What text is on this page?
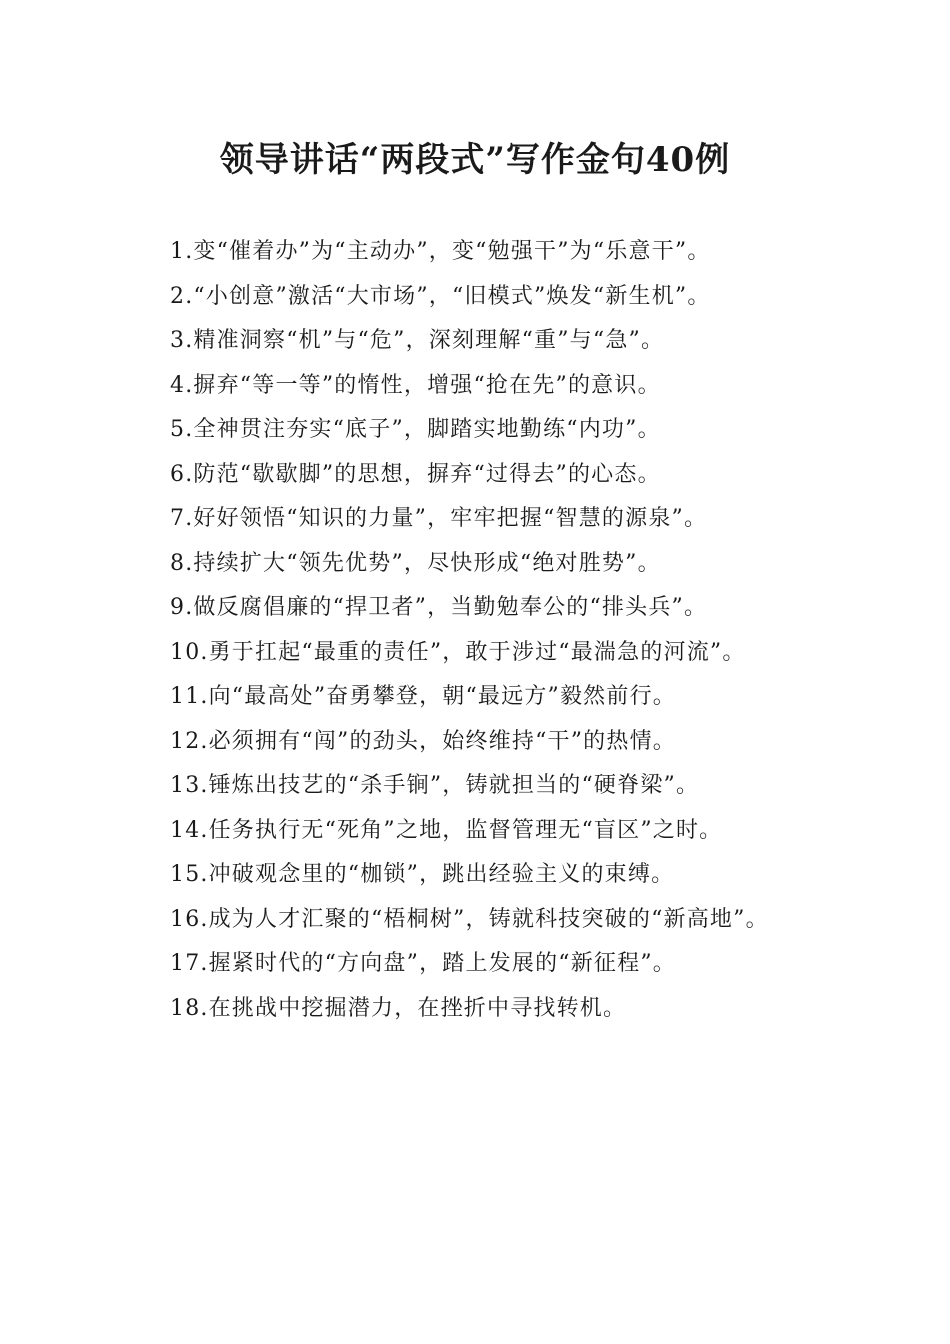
领导讲话“两段式”写作金句40例
1.变“催着办”为“主动办”，变“勉强干”为“乐意干”。
2.“小创意”激活“大市场”，“旧模式”焕发“新生机”。
3.精准洞察“机”与“危”，深刻理解“重”与“急”。
4.摒弃“等一等”的惰性，增强“抢在先”的意识。
5.全神贯注夯实“底子”，脚踏实地勤练“内功”。
6.防范“歇歇脚”的思想，摒弃“过得去”的心态。
7.好好领悟“知识的力量”，牢牢把握“智慧的源泉”。
8.持续扩大“领先优势”，尽快形成“绝对胜势”。
9.做反腐倡廉的“捍卫者”，当勤勉奉公的“排头兵”。
10.勇于扛起“最重的责任”，敢于涉过“最湍急的河流”。
11.向“最高处”奋勇攀登，朝“最远方”毅然前行。
12.必须拥有“闯”的劲头，始终维持“干”的热情。
13.锤炼出技艺的“杀手锏”，铸就担当的“硬脊梁”。
14.任务执行无“死角”之地，监督管理无“盲区”之时。
15.冲破观念里的“枷锁”，跳出经验主义的束缚。
16.成为人才汇聚的“梧桐树”，铸就科技突破的“新高地”。
17.握紧时代的“方向盘”，踏上发展的“新征程”。
18.在挑战中挖掘潜力，在挫折中寻找转机。
